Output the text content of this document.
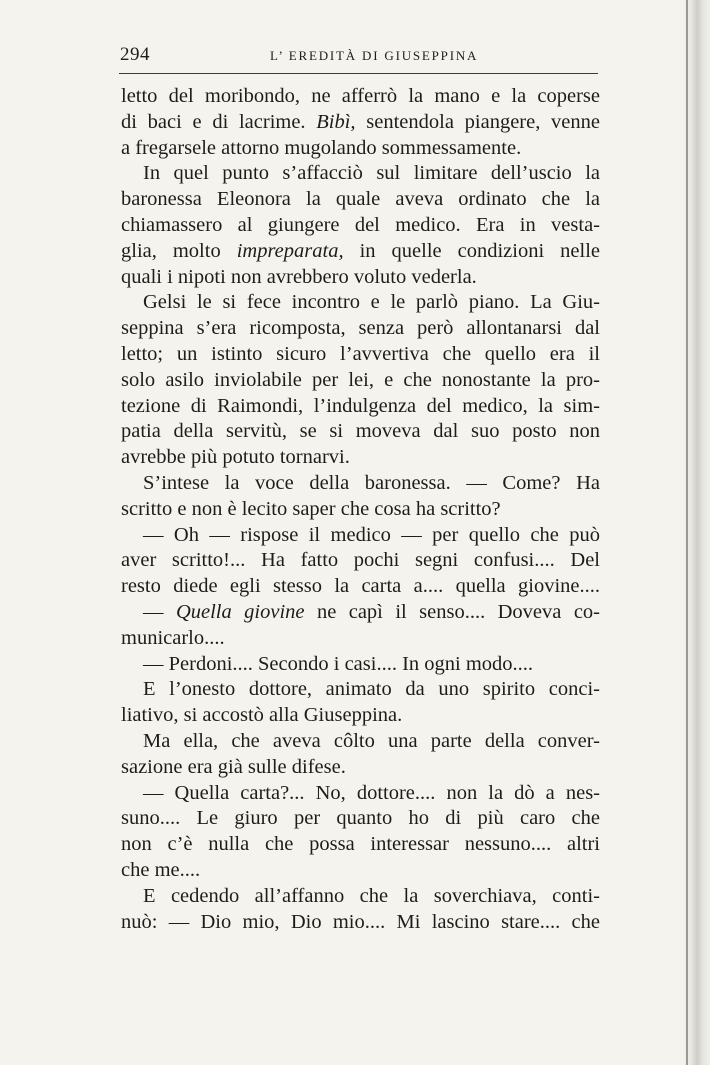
294	L’ EREDITÀ DI GIUSEPPINA
letto del moribondo, ne afferrò la mano e la coperse
di baci e di lacrime. Bibì, sentendola piangere, venne
a fregarsele attorno mugolando sommessamente.
In quel punto s’affacciò sul limitare dell’uscio la
baronessa Eleonora la quale aveva ordinato che la
chiamassero al giungere del medico. Era in vesta-
glia, molto impreparata, in quelle condizioni nelle
quali i nipoti non avrebbero voluto vederla.
Gelsi le si fece incontro e le parlò piano. La Giu-
seppina s’era ricomposta, senza però allontanarsi dal
letto; un istinto sicuro l’avvertiva che quello era il
solo asilo inviolabile per lei, e che nonostante la pro-
tezione di Raimondi, l’indulgenza del medico, la sim-
patia della servitù, se si moveva dal suo posto non
avrebbe più potuto tornarvi.
S’intese la voce della baronessa. — Come? Ha
scritto e non è lecito saper che cosa ha scritto?
— Oh — rispose il medico — per quello che può
aver scritto!... Ha fatto pochi segni confusi.... Del
resto diede egli stesso la carta a.... quella giovine....
— Quella giovine ne capì il senso.... Doveva co-
municarlo....
— Perdoni.... Secondo i casi.... In ogni modo....
E l’onesto dottore, animato da uno spirito conci-
liativo, si accostò alla Giuseppina.
Ma ella, che aveva côlto una parte della conver-
sazione era già sulle difese.
— Quella carta?... No, dottore.... non la dò a nes-
suno.... Le giuro per quanto ho di più caro che
non c’è nulla che possa interessar nessuno.... altri
che me....
E cedendo all’affanno che la soverchiava, conti-
nuò: — Dio mio, Dio mio.... Mi lascino stare.... che
